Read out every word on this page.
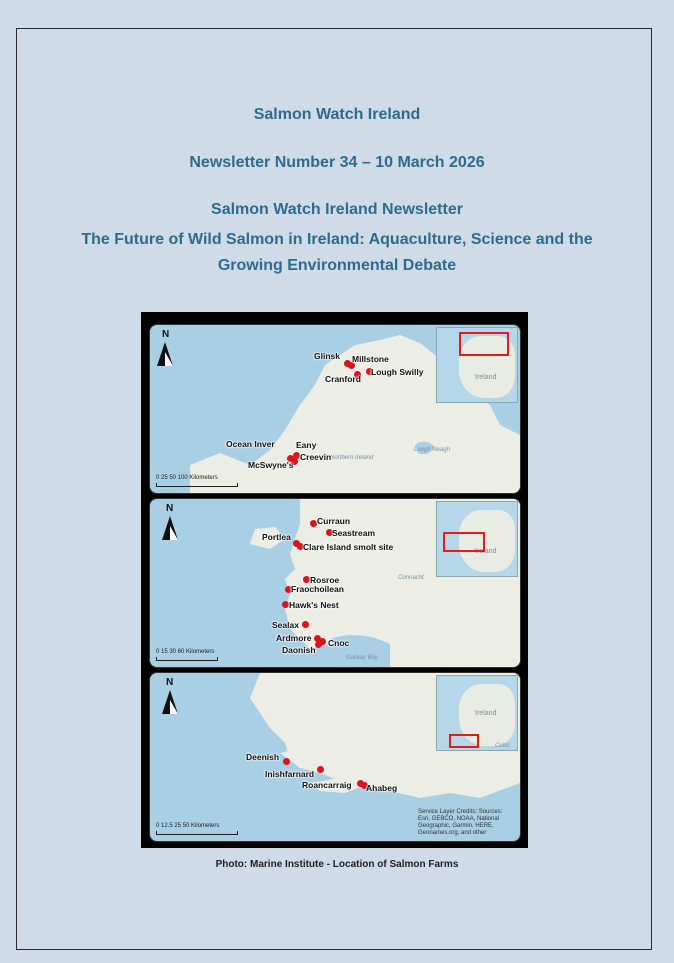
Salmon Watch Ireland
Newsletter Number 34 – 10 March 2026
Salmon Watch Ireland Newsletter
The Future of Wild Salmon in Ireland: Aquaculture, Science and the Growing Environmental Debate
N
Ireland
Glinsk Millstone
Cranford
Lough Swilly
Ocean Inver	Eany
McSwyne's
Creevin
Lough Neagh
Northern Ireland
0 25 50 100 Kilometers
N
Ireland
Curraun
Seastream
Portlea
Clare Island smolt site
Rosroe
Fraochoilean
Hawk's Nest
Sealax
Ardmore Cnoc
Daonish
Connacht
Galway Bay
0 15 30 60 Kilometers
N
Ireland
Deenish
Inishfarnard
Roancarraig Ahabeg
Celtic
Service Layer Credits: Sources: Esri, GEBCO, NOAA, National Geographic, Garmin, HERE, Geonames.org, and other
0 12.5 25 50 Kilometers
Photo: Marine Institute - Location of Salmon Farms
